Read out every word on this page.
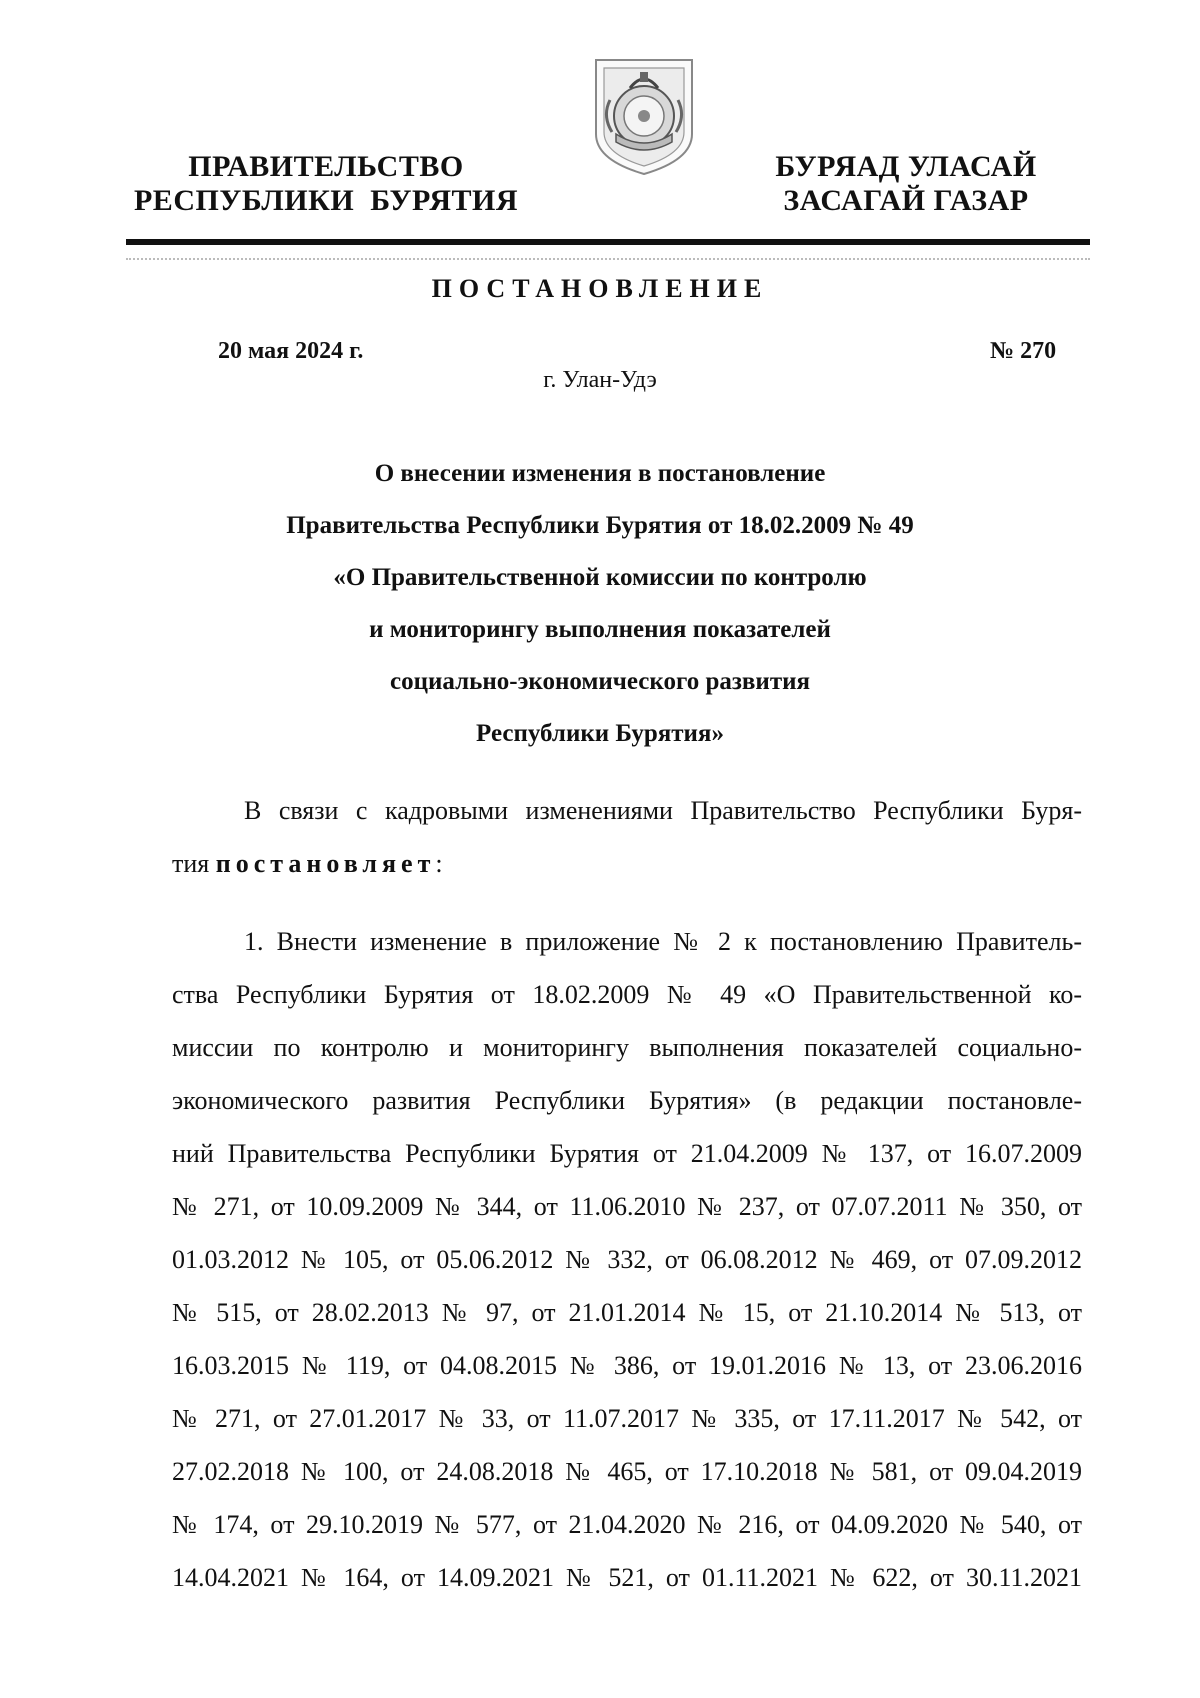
ПРАВИТЕЛЬСТВО
РЕСПУБЛИКИ  БУРЯТИЯ
БУРЯАД УЛАСАЙ
ЗАСАГАЙ ГАЗАР
ПОСТАНОВЛЕНИЕ
20 мая 2024 г.	№ 270
г. Улан-Удэ
О внесении изменения в постановление
Правительства Республики Бурятия от 18.02.2009 № 49
«О Правительственной комиссии по контролю
и мониторингу выполнения показателей
социально-экономического развития
Республики Бурятия»
В связи с кадровыми изменениями Правительство Республики Буря-
тия постановляет:
1. Внести изменение в приложение № 2 к постановлению Правитель-
ства Республики Бурятия от 18.02.2009 № 49 «О Правительственной ко-
миссии по контролю и мониторингу выполнения показателей социально-
экономического развития Республики Бурятия» (в редакции постановле-
ний Правительства Республики Бурятия от 21.04.2009 № 137, от 16.07.2009
№ 271, от 10.09.2009 № 344, от 11.06.2010 № 237, от 07.07.2011 № 350, от
01.03.2012 № 105, от 05.06.2012 № 332, от 06.08.2012 № 469, от 07.09.2012
№ 515, от 28.02.2013 № 97, от 21.01.2014 № 15, от 21.10.2014 № 513, от
16.03.2015 № 119, от 04.08.2015 № 386, от 19.01.2016 № 13, от 23.06.2016
№ 271, от 27.01.2017 № 33, от 11.07.2017 № 335, от 17.11.2017 № 542, от
27.02.2018 № 100, от 24.08.2018 № 465, от 17.10.2018 № 581, от 09.04.2019
№ 174, от 29.10.2019 № 577, от 21.04.2020 № 216, от 04.09.2020 № 540, от
14.04.2021 № 164, от 14.09.2021 № 521, от 01.11.2021 № 622, от 30.11.2021
